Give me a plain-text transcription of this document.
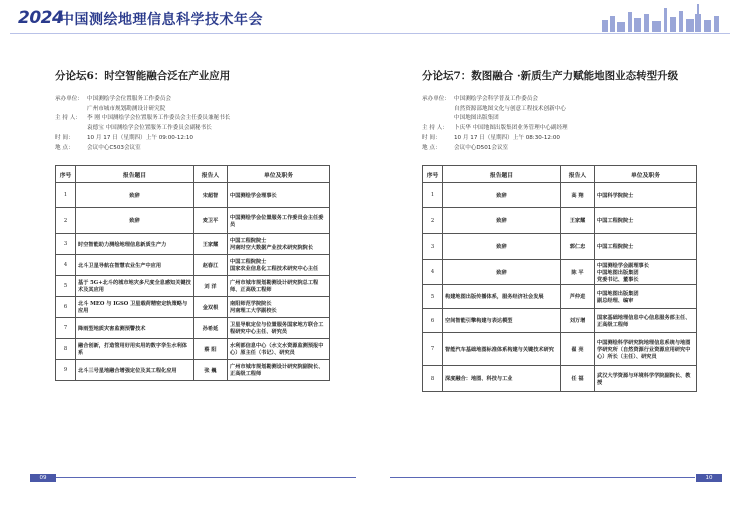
2024
中国测绘地理信息科学技术年会
分论坛6：时空智能融合泛在产业应用
承办单位： 中国测绘学会位置服务工作委员会
广州市城市规划勘测设计研究院
主 持 人：	李 刚 中国测绘学会位置服务工作委员会主任委员兼秘书长
袁德宝 中国测绘学会位置服务工作委员会副秘书长
时 间：	10 月 17 日（星期四）上午 09:00-12:10
地 点：	会议中心C503会议室
序号	报告题目	报告人	单位及职务
1	致辞	宋超智	中国测绘学会理事长
2	致辞	麦卫平	中国测绘学会位置服务工作委员会主任委员
3	时空智能助力测绘地理信息新质生产力	王家耀	中国工程院院士
河南时空大数据产业技术研究院院长
4	北斗卫星导航在智慧农业生产中应用	赵春江	中国工程院院士
国家农业信息化工程技术研究中心主任
5	基于 5G+北斗的城市地灾多尺度全息感知关键技术及其应用	刘 洋	广州市城市规划勘测设计研究院总工程师、正高级工程师
6	北斗 MEO 与 IGSO 卫星载荷精密定轨策略与应用	金双根	南阳师范学院院长
河南理工大学副校长
7	降雨型地质灾害监测预警技术	孙希延	卫星导航定位与位置服务国家地方联合工程研究中心主任、研究员
8	融合创新，打造管用好用实用的数字孪生水利体系	蔡 阳	水利部信息中心（水文水资源监测预报中心）原主任（书记）、研究员
9	北斗三号星地融合增强定位及其工程化应用	张 巍	广州市城市规划勘测设计研究院副院长、正高级工程师
分论坛7：数图融合 ·新质生产力赋能地图业态转型升级
承办单位： 中国测绘学会科学普及工作委员会
自然资源部地图文化与创意工程技术创新中心
中国地图出版集团
主 持 人：	卜庆华 中国地图出版集团业务管理中心副经理
时 间：	10 月 17 日（星期四）上午 08:30-12:00
地 点：	会议中心D501会议室
序号	报告题目	报告人	单位及职务
1	致辞	高 翔	中国科学院院士
2	致辞	王家耀	中国工程院院士
3	致辞	郭仁忠	中国工程院院士
4	致辞	陈 平	中国测绘学会副理事长
中国地图出版集团
党委书记、董事长
5	构建地图出版传播体系，服务经济社会发展	芦仲进	中国地图出版集团
副总经理、编审
6	空间智能引擎构建与表达模型	刘万增	国家基础地理信息中心信息服务部主任、正高级工程师
7	智能汽车基础地图标准体系构建与关键技术研究	翟 亮	中国测绘科学研究院地理信息系统与地图学研究所（自然资源行业资源应用研究中心）所长（主任）、研究员
8	深度融合：地图、科技与工业	任 福	武汉大学资源与环境科学学院副院长、教授
09	10
